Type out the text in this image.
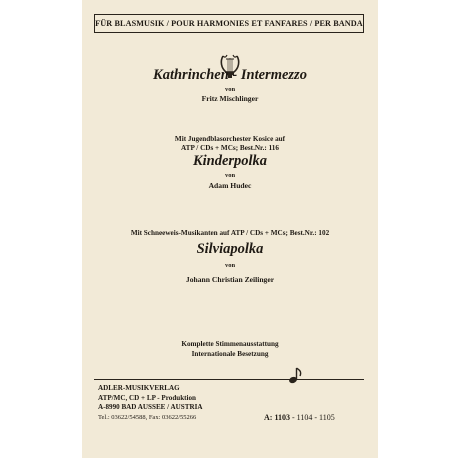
FÜR BLASMUSIK / POUR HARMONIES ET FANFARES / PER BANDA
Kathrinchen - Intermezzo
von
Fritz Mischlinger
Mit Jugendblasorchester Kosice auf
ATP / CDs + MCs; Best.Nr.: 116
Kinderpolka
von
Adam Hudec
Mit Schneeweis-Musikanten auf ATP / CDs + MCs; Best.Nr.: 102
Silviapolka
von
Johann Christian Zeilinger
Komplette Stimmenausstattung
Internationale Besetzung
ADLER-MUSIKVERLAG
ATP/MC, CD + LP - Produktion
A-8990 BAD AUSSEE / AUSTRIA
Tel.: 03622/54588, Fax: 03622/55266	A: 1103 - 1104 - 1105
